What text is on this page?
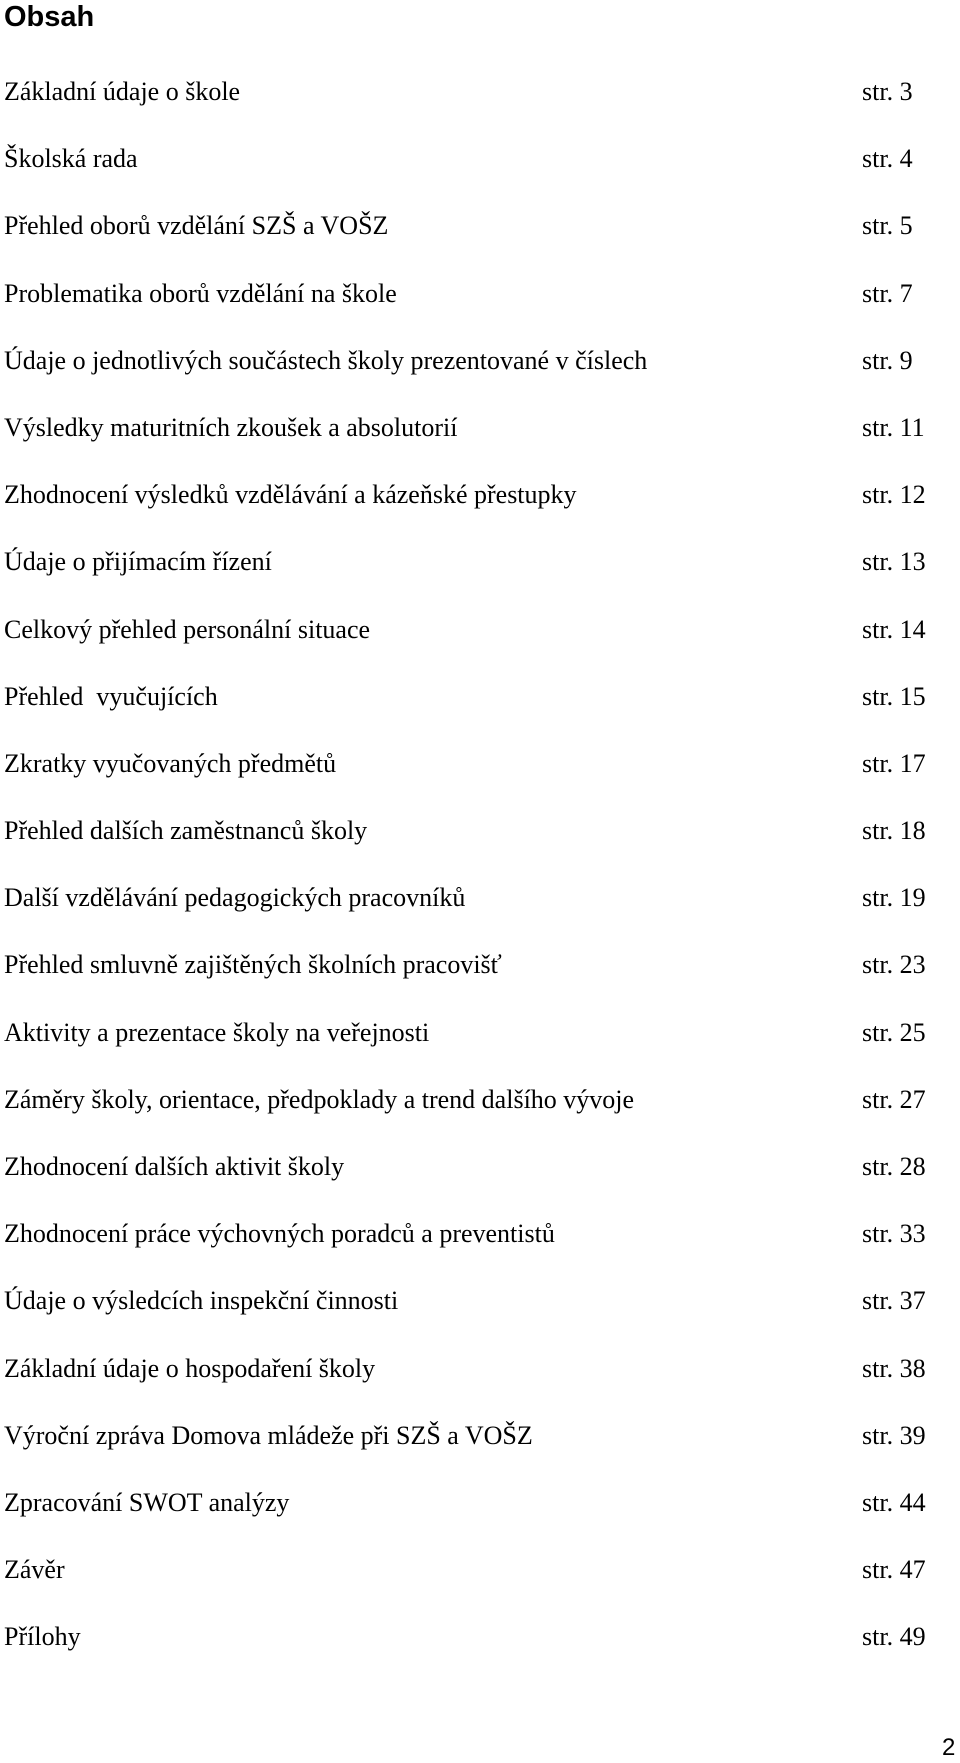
Obsah
Základní údaje o škole	str. 3
Školská rada	str. 4
Přehled oborů vzdělání SZŠ a VOŠZ	str. 5
Problematika oborů vzdělání na škole	str. 7
Údaje o jednotlivých součástech školy prezentované v číslech	str. 9
Výsledky maturitních zkoušek a absolutorií	str. 11
Zhodnocení výsledků vzdělávání a kázeňské přestupky	str. 12
Údaje o přijímacím řízení	str. 13
Celkový přehled personální situace	str. 14
Přehled  vyučujících	str. 15
Zkratky vyučovaných předmětů	str. 17
Přehled dalších zaměstnanců školy	str. 18
Další vzdělávání pedagogických pracovníků	str. 19
Přehled smluvně zajištěných školních pracovišť	str. 23
Aktivity a prezentace školy na veřejnosti	str. 25
Záměry školy, orientace, předpoklady a trend dalšího vývoje	str. 27
Zhodnocení dalších aktivit školy	str. 28
Zhodnocení práce výchovných poradců a preventistů	str. 33
Údaje o výsledcích inspekční činnosti	str. 37
Základní údaje o hospodaření školy	str. 38
Výroční zpráva Domova mládeže při SZŠ a VOŠZ	str. 39
Zpracování SWOT analýzy	str. 44
Závěr	str. 47
Přílohy	str. 49
2
